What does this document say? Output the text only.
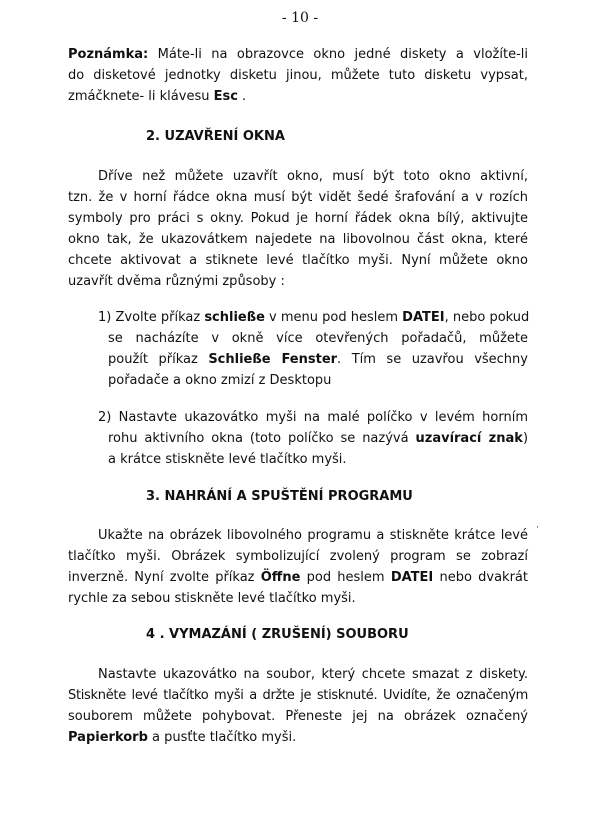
- 10 -
Poznámka: Máte-li na obrazovce okno jedné diskety a vložíte-li
do disketové jednotky disketu jinou, můžete tuto disketu vypsat,
zmáčknete- li klávesu Esc .
2. UZAVŘENÍ OKNA
Dříve než můžete uzavřít okno, musí být toto okno aktivní,
tzn. že v horní řádce okna musí být vidět šedé šrafování a v rozích
symboly pro práci s okny. Pokud je horní řádek okna bílý, aktivujte
okno tak, že ukazovátkem najedete na libovolnou část okna, které
chcete aktivovat a stiknete levé tlačítko myši. Nyní můžete okno
uzavřít dvěma různými způsoby :
1) Zvolte příkaz schließe v menu pod heslem DATEI, nebo pokud
se nacházíte v okně více otevřených pořadačů, můžete
použít příkaz Schließe Fenster. Tím se uzavřou všechny
pořadače a okno zmizí z Desktopu
2) Nastavte ukazovátko myši na malé políčko v levém horním
rohu aktivního okna (toto políčko se nazývá uzavírací znak)
a krátce stiskněte levé tlačítko myši.
3. NAHRÁNÍ A SPUŠTĚNÍ PROGRAMU
Ukažte na obrázek libovolného programu a stiskněte krátce levé ·
tlačítko myši. Obrázek symbolizující zvolený program se zobrazí
inverzně. Nyní zvolte příkaz Öffne pod heslem DATEI nebo dvakrát
rychle za sebou stiskněte levé tlačítko myši.
4 . VYMAZÁNÍ ( ZRUŠENÍ) SOUBORU
Nastavte ukazovátko na soubor, který chcete smazat z diskety.
Stiskněte levé tlačítko myši a držte je stisknuté. Uvidíte, že označeným
souborem můžete pohybovat. Přeneste jej na obrázek označený
Papierkorb a pusťte tlačítko myši.
